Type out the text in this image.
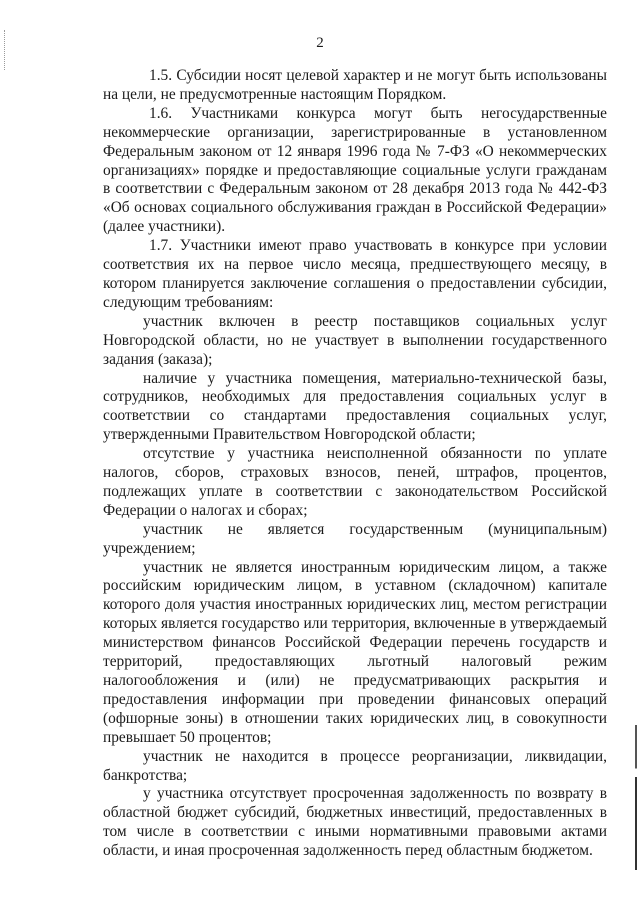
2

1.5. Субсидии носят целевой характер и не могут быть использованы на цели, не предусмотренные настоящим Порядком.

1.6. Участниками конкурса могут быть негосударственные некоммерческие организации, зарегистрированные в установленном Федеральным законом от 12 января 1996 года № 7-ФЗ «О некоммерческих организациях» порядке и предоставляющие социальные услуги гражданам в соответствии с Федеральным законом от 28 декабря 2013 года № 442-ФЗ «Об основах социального обслуживания граждан в Российской Федерации» (далее участники).

1.7. Участники имеют право участвовать в конкурсе при условии соответствия их на первое число месяца, предшествующего месяцу, в котором планируется заключение соглашения о предоставлении субсидии, следующим требованиям:

участник включен в реестр поставщиков социальных услуг Новгородской области, но не участвует в выполнении государственного задания (заказа);

наличие у участника помещения, материально-технической базы, сотрудников, необходимых для предоставления социальных услуг в соответствии со стандартами предоставления социальных услуг, утвержденными Правительством Новгородской области;

отсутствие у участника неисполненной обязанности по уплате налогов, сборов, страховых взносов, пеней, штрафов, процентов, подлежащих уплате в соответствии с законодательством Российской Федерации о налогах и сборах;

участник не является государственным (муниципальным) учреждением;

участник не является иностранным юридическим лицом, а также российским юридическим лицом, в уставном (складочном) капитале которого доля участия иностранных юридических лиц, местом регистрации которых является государство или территория, включенные в утверждаемый министерством финансов Российской Федерации перечень государств и территорий, предоставляющих льготный налоговый режим налогообложения и (или) не предусматривающих раскрытия и предоставления информации при проведении финансовых операций (офшорные зоны) в отношении таких юридических лиц, в совокупности превышает 50 процентов;

участник не находится в процессе реорганизации, ликвидации, банкротства;

у участника отсутствует просроченная задолженность по возврату в областной бюджет субсидий, бюджетных инвестиций, предоставленных в том числе в соответствии с иными нормативными правовыми актами области, и иная просроченная задолженность перед областным бюджетом.
